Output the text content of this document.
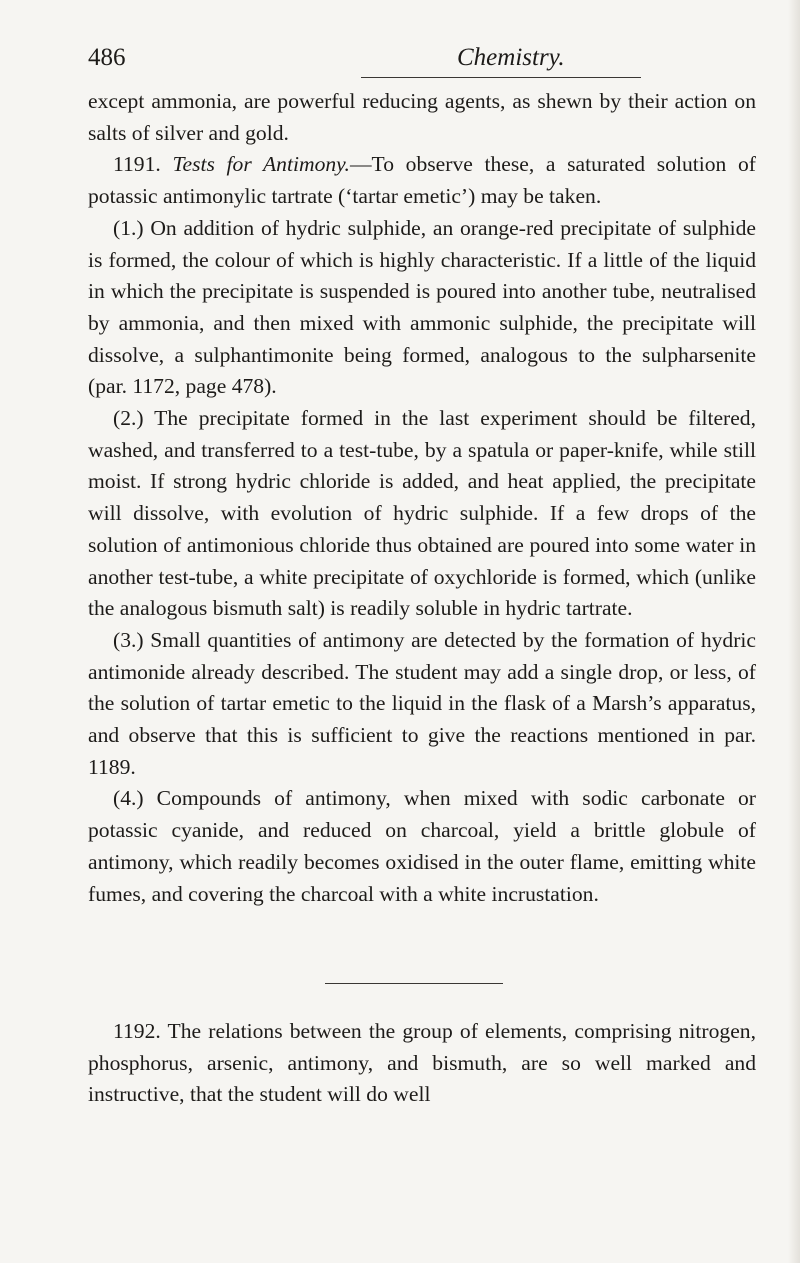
486	Chemistry.

except ammonia, are powerful reducing agents, as shewn by their action on salts of silver and gold.

1191. Tests for Antimony.—To observe these, a saturated solution of potassic antimonylic tartrate (‘tartar emetic’) may be taken.

(1.) On addition of hydric sulphide, an orange-red precipitate of sulphide is formed, the colour of which is highly characteristic. If a little of the liquid in which the precipitate is suspended is poured into another tube, neutralised by ammonia, and then mixed with ammonic sulphide, the precipitate will dissolve, a sulphantimonite being formed, analogous to the sulpharsenite (par. 1172, page 478).

(2.) The precipitate formed in the last experiment should be filtered, washed, and transferred to a test-tube, by a spatula or paper-knife, while still moist. If strong hydric chloride is added, and heat applied, the precipitate will dissolve, with evolution of hydric sulphide. If a few drops of the solution of antimonious chloride thus obtained are poured into some water in another test-tube, a white precipitate of oxychloride is formed, which (unlike the analogous bismuth salt) is readily soluble in hydric tartrate.

(3.) Small quantities of antimony are detected by the formation of hydric antimonide already described. The student may add a single drop, or less, of the solution of tartar emetic to the liquid in the flask of a Marsh’s apparatus, and observe that this is sufficient to give the reactions mentioned in par. 1189.

(4.) Compounds of antimony, when mixed with sodic carbonate or potassic cyanide, and reduced on charcoal, yield a brittle globule of antimony, which readily becomes oxidised in the outer flame, emitting white fumes, and covering the charcoal with a white incrustation.

1192. The relations between the group of elements, comprising nitrogen, phosphorus, arsenic, antimony, and bismuth, are so well marked and instructive, that the student will do well
